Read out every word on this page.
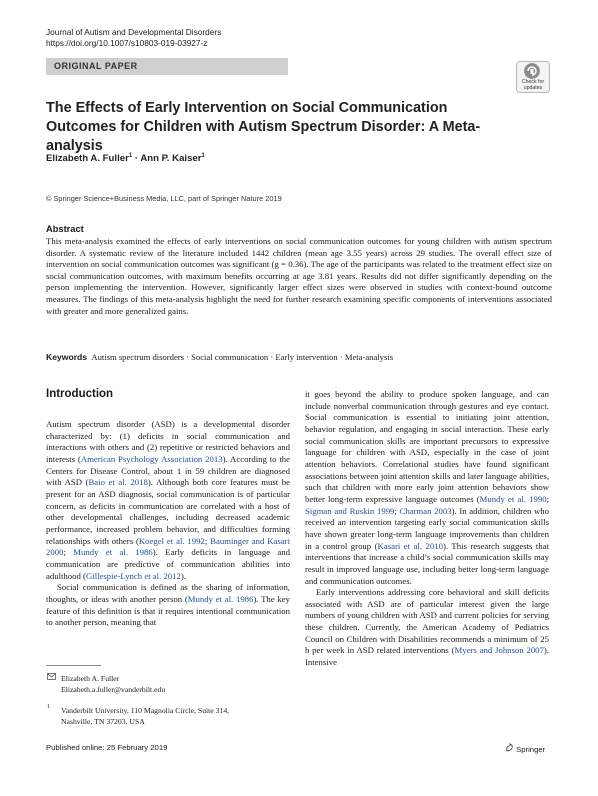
Journal of Autism and Developmental Disorders
https://doi.org/10.1007/s10803-019-03927-z
ORIGINAL PAPER
Check for
updates
The Effects of Early Intervention on Social Communication Outcomes for Children with Autism Spectrum Disorder: A Meta-analysis
Elizabeth A. Fuller$^1$ · Ann P. Kaiser$^1$
© Springer Science+Business Media, LLC, part of Springer Nature 2019
Abstract
This meta-analysis examined the effects of early interventions on social communication outcomes for young children with autism spectrum disorder. A systematic review of the literature included 1442 children (mean age 3.55 years) across 29 studies. The overall effect size of intervention on social communication outcomes was significant (g = 0.36). The age of the participants was related to the treatment effect size on social communication outcomes, with maximum benefits occurring at age 3.81 years. Results did not differ significantly depending on the person implementing the intervention. However, significantly larger effect sizes were observed in studies with context-bound outcome measures. The findings of this meta-analysis highlight the need for further research examining specific components of interventions associated with greater and more generalized gains.
Keywords Autism spectrum disorders · Social communication · Early intervention · Meta-analysis
Introduction

Autism spectrum disorder (ASD) is a developmental disorder characterized by: (1) deficits in social communication and interactions with others and (2) repetitive or restricted behaviors and interests (American Psychology Association 2013). According to the Centers for Disease Control, about 1 in 59 children are diagnosed with ASD (Baio et al. 2018). Although both core features must be present for an ASD diagnosis, social communication is of particular concern, as deficits in communication are correlated with a host of other developmental challenges, including decreased academic performance, increased problem behavior, and difficulties forming relationships with others (Koegel et al. 1992; Bauminger and Kasari 2000; Mundy et al. 1986). Early deficits in language and communication are predictive of communication abilities into adulthood (Gillespie-Lynch et al. 2012).

Social communication is defined as the sharing of information, thoughts, or ideas with another person (Mundy et al. 1986). The key feature of this definition is that it requires intentional communication to another person, meaning that

it goes beyond the ability to produce spoken language, and can include nonverbal communication through gestures and eye contact. Social communication is essential to initiating joint attention, behavior regulation, and engaging in social interaction. These early social communication skills are important precursors to expressive language for children with ASD, especially in the case of joint attention behaviors. Correlational studies have found significant associations between joint attention skills and later language abilities, such that children with more early joint attention behaviors show better long-term expressive language outcomes (Mundy et al. 1990; Sigman and Ruskin 1999; Charman 2003). In addition, children who received an intervention targeting early social communication skills have shown greater long-term language improvements than children in a control group (Kasari et al. 2010). This research suggests that interventions that increase a child’s social communication skills may result in improved language use, including better long-term language and communication outcomes.

Early interventions addressing core behavioral and skill deficits associated with ASD are of particular interest given the large numbers of young children with ASD and current policies for serving these children. Currently, the American Academy of Pediatrics Council on Children with Disabilities recommends a minimum of 25 h per week in ASD related interventions (Myers and Johnson 2007). Intensive

Elizabeth A. Fuller
Elizabeth.a.fuller@vanderbilt.edu
1 Vanderbilt University, 110 Magnolia Circle, Suite 314,
Nashville, TN 37203, USA
Published online: 25 February 2019	Springer
